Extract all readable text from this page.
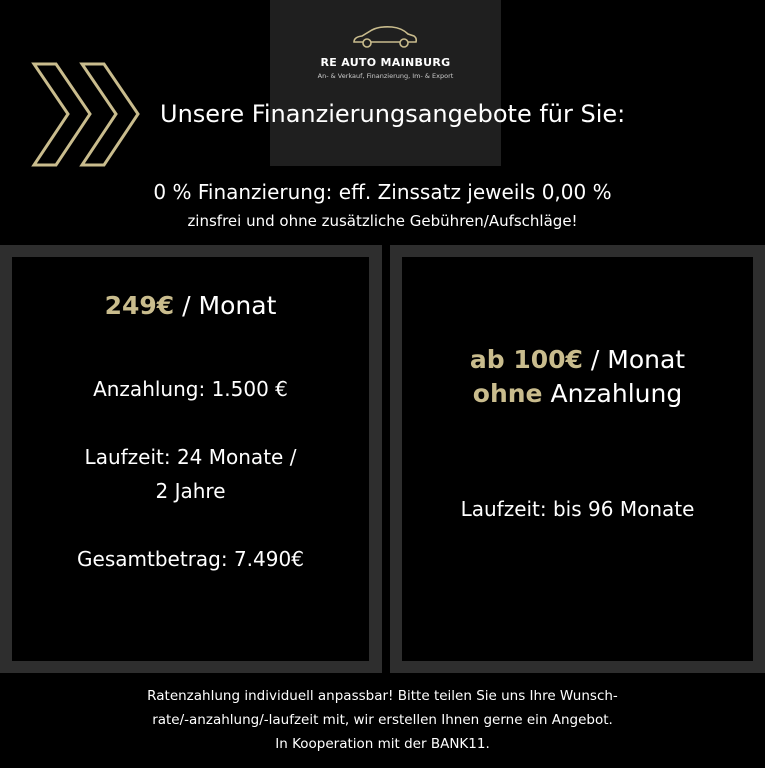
RE AUTO MAINBURG
An- & Verkauf, Finanzierung, Im- & Export
Unsere Finanzierungsangebote für Sie:
0 % Finanzierung: eff. Zinssatz jeweils 0,00 %
zinsfrei und ohne zusätzliche Gebühren/Aufschläge!
249€ / Monat
Anzahlung: 1.500 €
Laufzeit: 24 Monate /
2 Jahre
Gesamtbetrag: 7.490€
ab 100€ / Monat
ohne Anzahlung
Laufzeit: bis 96 Monate
Ratenzahlung individuell anpassbar! Bitte teilen Sie uns Ihre Wunsch-
rate/-anzahlung/-laufzeit mit, wir erstellen Ihnen gerne ein Angebot.
In Kooperation mit der BANK11.
